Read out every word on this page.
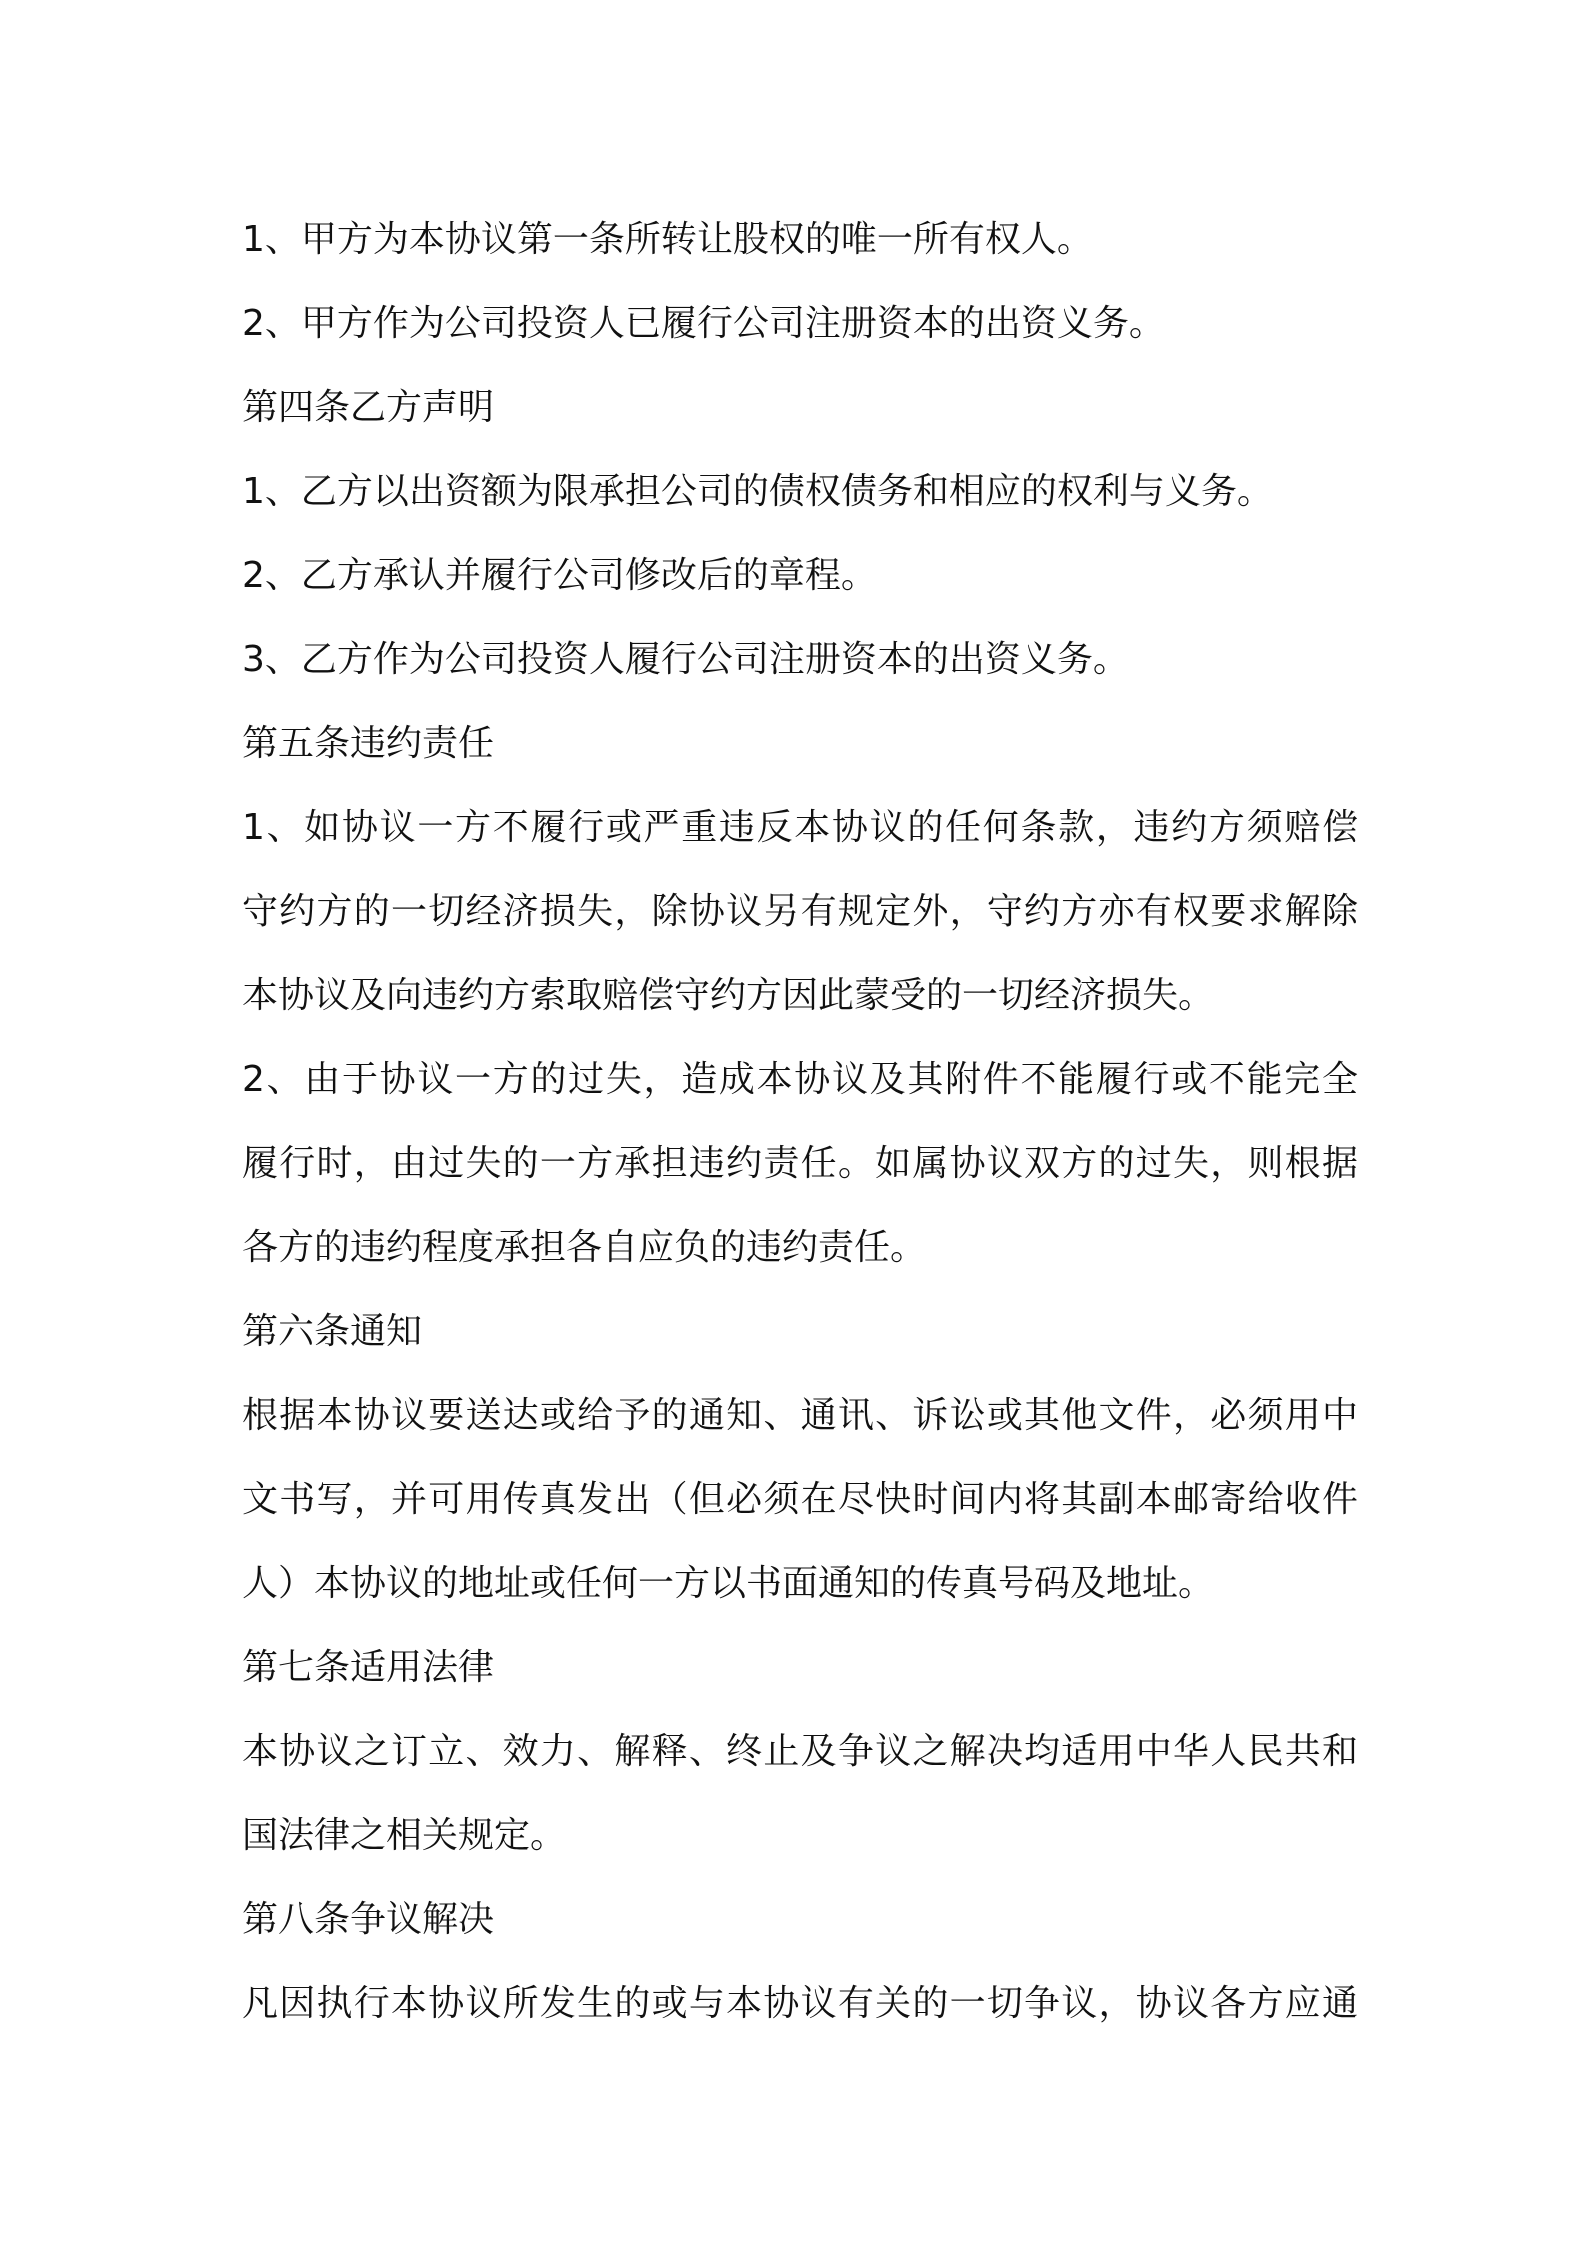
1、甲方为本协议第一条所转让股权的唯一所有权人。
2、甲方作为公司投资人已履行公司注册资本的出资义务。
第四条乙方声明
1、乙方以出资额为限承担公司的债权债务和相应的权利与义务。
2、乙方承认并履行公司修改后的章程。
3、乙方作为公司投资人履行公司注册资本的出资义务。
第五条违约责任
1、如协议一方不履行或严重违反本协议的任何条款，违约方须赔偿
守约方的一切经济损失，除协议另有规定外，守约方亦有权要求解除
本协议及向违约方索取赔偿守约方因此蒙受的一切经济损失。
2、由于协议一方的过失，造成本协议及其附件不能履行或不能完全
履行时，由过失的一方承担违约责任。如属协议双方的过失，则根据
各方的违约程度承担各自应负的违约责任。
第六条通知
根据本协议要送达或给予的通知、通讯、诉讼或其他文件，必须用中
文书写，并可用传真发出（但必须在尽快时间内将其副本邮寄给收件
人）本协议的地址或任何一方以书面通知的传真号码及地址。
第七条适用法律
本协议之订立、效力、解释、终止及争议之解决均适用中华人民共和
国法律之相关规定。
第八条争议解决
凡因执行本协议所发生的或与本协议有关的一切争议，协议各方应通
